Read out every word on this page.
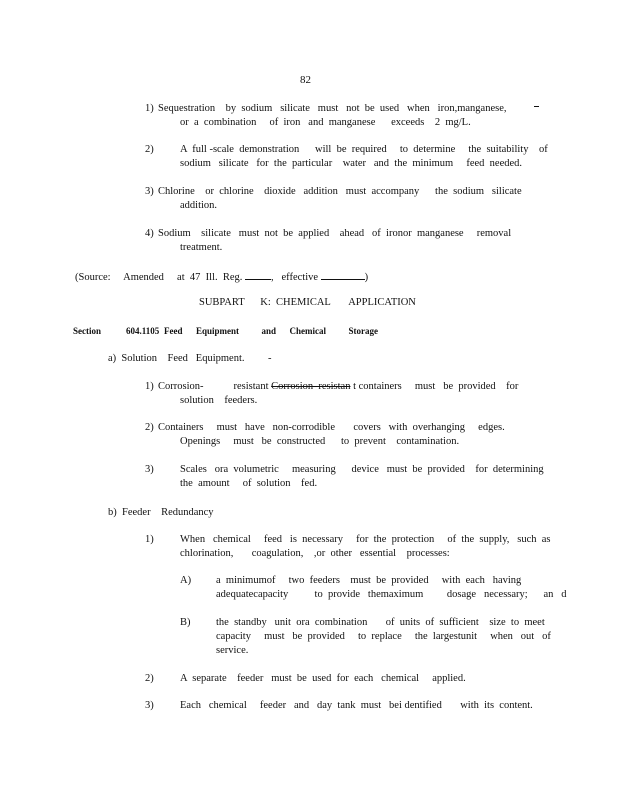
82
1) Sequestration    by  sodium   silicate   must   not  be  used   when   iron,manganese,
or  a  combination     of  iron   and  manganese      exceeds    2  mg/L.
2)	A  full -scale  demonstration      will  be  required     to  determine     the  suitability    of
sodium   silicate   for  the  particular    water   and  the  minimum     feed  needed.
3) Chlorine    or  chlorine    dioxide   addition   must  accompany      the  sodium   silicate
addition.
4) Sodium    silicate   must  not  be  applied    ahead   of  ironor  manganese     removal
treatment.
(Source:     Amended     at  47  Ill.  Reg.	,   effective	)
SUBPART      K:  CHEMICAL       APPLICATION
Section	604.1105 Feed      Equipment          and      Chemical          Storage
a)  Solution    Feed   Equipment. -
1) Corrosion-	resistant Corrosion  resistan t containers     must   be  provided    for
solution    feeders.
2) Containers     must   have   non-corrodible       covers   with  overhanging     edges.
Openings     must   be  constructed      to  prevent    contamination.
3)	Scales   ora  volumetric     measuring      device   must  be  provided    for  determining
the  amount     of  solution    fed.
b)  Feeder    Redundancy
1)	When   chemical     feed   is  necessary     for  the  protection     of  the  supply,   such  as
chlorination,       coagulation,    ,or  other   essential    processes:
A) a  minimumof     two  feeders    must  be  provided     with  each   having
adequatecapacity          to  provide   themaximum         dosage   necessary;      an   d
B) the  standby   unit  ora  combination       of  units  of  sufficient    size  to  meet
capacity     must   be  provided     to  replace     the  largestunit     when   out   of
service.
2)	A  separate    feeder   must  be  used  for  each   chemical     applied.
3)	Each   chemical     feeder   and   day  tank  must   bei dentified       with  its  content.
